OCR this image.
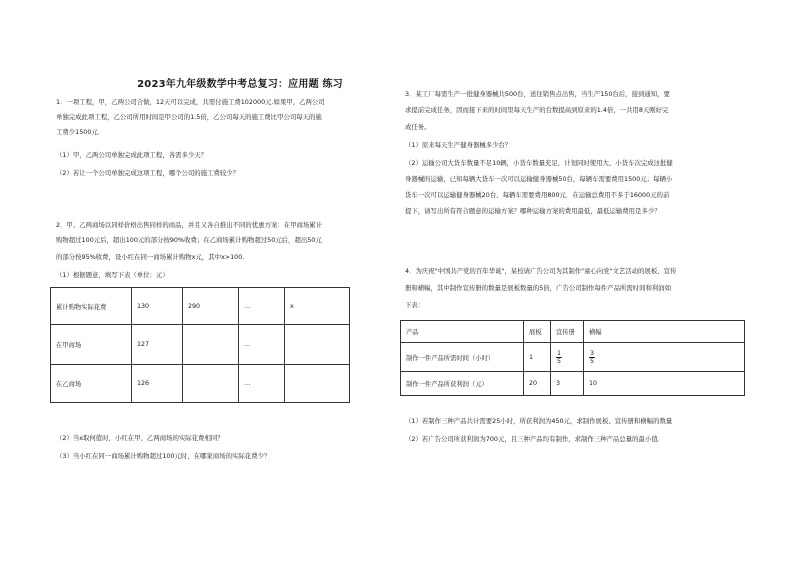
2023年九年级数学中考总复习：应用题 练习
1．一项工程，甲，乙两公司合做，12天可以完成，共需付施工费102000元.如果甲，乙两公司
单独完成此项工程，乙公司所用时间是甲公司的1.5倍，乙公司每天的施工费比甲公司每天的施
工费少1500元．
（1）甲，乙两公司单独完成此项工程，各需多少天？
（2）若让一个公司单独完成这项工程，哪个公司的施工费较少？
2．甲、乙两商场以同样价格出售同样的商品，并且又各自推出不同的优惠方案：在甲商场累计
购物超过100元后，超出100元的部分按90%收费；在乙商场累计购物超过50元后，超出50元
的部分按95%收费，设小红在同一商场累计购物x元，其中x>100.
（1）根据题意，填写下表（单位：元）
累计购物实际花费	130	290	…	x
在甲商场	127		…	
在乙商场	126		…	
（2）当x取何值时，小红在甲、乙两商场的实际花费相同？
（3）当小红在同一商场累计购物超过100元时，在哪家商场的实际花费少？
3．某工厂每需生产一批健身器械共500台，送往销售点出售，当生产150台后，接到通知，要
求提前完成任务，因而接下来的时间里每天生产的台数提高到原来的1.4倍，一共用8天刚好完
成任务。
（1）原来每天生产健身器械多少台？
（2）运输公司大货车数量不足10辆，小货车数量充足，计划同时使用大、小货车次完成这批健
身器械的运输，已知每辆大货车一次可以运输健身器械50台，每辆车需要费用1500元；每辆小
货车一次可以运输健身器械20台，每辆车需要费用800元．在运输总费用不多于16000元的前
提下，请写出所有符合题意的运输方案？哪种运输方案的费用最低，最低运输费用是多少？
4．为庆祝"中国共产党的百年华诞"，某校请广告公司为其制作"童心向党"文艺活动的展板、宣传
册和横幅，其中制作宣传册的数量是展板数量的5倍，广告公司制作每件产品所需时间和利润如
下表：
产品	展板	宣传册	横幅
制作一件产品所需时间（小时）	1	$\frac{1}{5}$	$\frac{3}{5}$

制作一件产品所获利润（元）	20	3	10
（1）若制作三种产品共计需要25小时，所获利润为450元，求制作展板、宣传册和横幅的数量
（2）若广告公司所获利润为700元，且三种产品均有制作，求制作三种产品总量的最小值．
